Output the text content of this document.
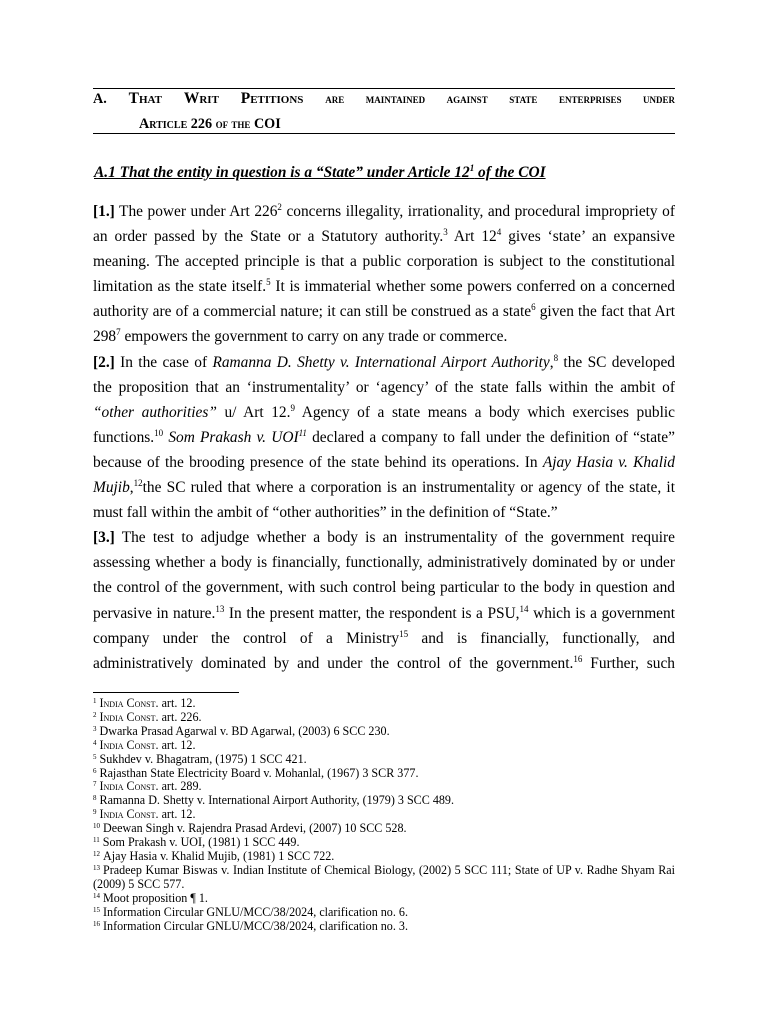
A. That Writ Petitions are maintained against state enterprises under
Article 226 of the COI
A.1 That the entity in question is a “State” under Article $12^1$ of the COI

[1.] The power under Art $226^2$ concerns illegality, irrationality, and procedural impropriety of an order passed by the State or a Statutory authority.$^3$ Art $12^4$ gives ‘state’ an expansive meaning. The accepted principle is that a public corporation is subject to the constitutional limitation as the state itself.$^5$ It is immaterial whether some powers conferred on a concerned authority are of a commercial nature; it can still be construed as a state$^6$ given the fact that Art $298^7$ empowers the government to carry on any trade or commerce.

[2.] In the case of Ramanna D. Shetty v. International Airport Authority,$^8$ the SC developed the proposition that an ‘instrumentality’ or ‘agency’ of the state falls within the ambit of “other authorities” u/ Art 12.$^9$ Agency of a state means a body which exercises public functions.$^{10}$ Som Prakash v. UOI$^{11}$ declared a company to fall under the definition of “state” because of the brooding presence of the state behind its operations. In Ajay Hasia v. Khalid Mujib,$^{12}$the SC ruled that where a corporation is an instrumentality or agency of the state, it must fall within the ambit of “other authorities” in the definition of “State.”

[3.] The test to adjudge whether a body is an instrumentality of the government require assessing whether a body is financially, functionally, administratively dominated by or under the control of the government, with such control being particular to the body in question and pervasive in nature.$^{13}$ In the present matter, the respondent is a PSU,$^{14}$ which is a government company under the control of a Ministry$^{15}$ and is financially, functionally, and administratively dominated by and under the control of the government.$^{16}$ Further, such

$^1$ India Const. art. 12.

$^2$ India Const. art. 226.

$^3$ Dwarka Prasad Agarwal v. BD Agarwal, (2003) 6 SCC 230.

$^4$ India Const. art. 12.

$^5$ Sukhdev v. Bhagatram, (1975) 1 SCC 421.

$^6$ Rajasthan State Electricity Board v. Mohanlal, (1967) 3 SCR 377.

$^7$ India Const. art. 289.

$^8$ Ramanna D. Shetty v. International Airport Authority, (1979) 3 SCC 489.

$^9$ India Const. art. 12.

$^{10}$ Deewan Singh v. Rajendra Prasad Ardevi, (2007) 10 SCC 528.

$^{11}$ Som Prakash v. UOI, (1981) 1 SCC 449.

$^{12}$ Ajay Hasia v. Khalid Mujib, (1981) 1 SCC 722.

$^{13}$ Pradeep Kumar Biswas v. Indian Institute of Chemical Biology, (2002) 5 SCC 111; State of UP v. Radhe Shyam Rai (2009) 5 SCC 577.

$^{14}$ Moot proposition ¶ 1.

$^{15}$ Information Circular GNLU/MCC/38/2024, clarification no. 6.

$^{16}$ Information Circular GNLU/MCC/38/2024, clarification no. 3.
